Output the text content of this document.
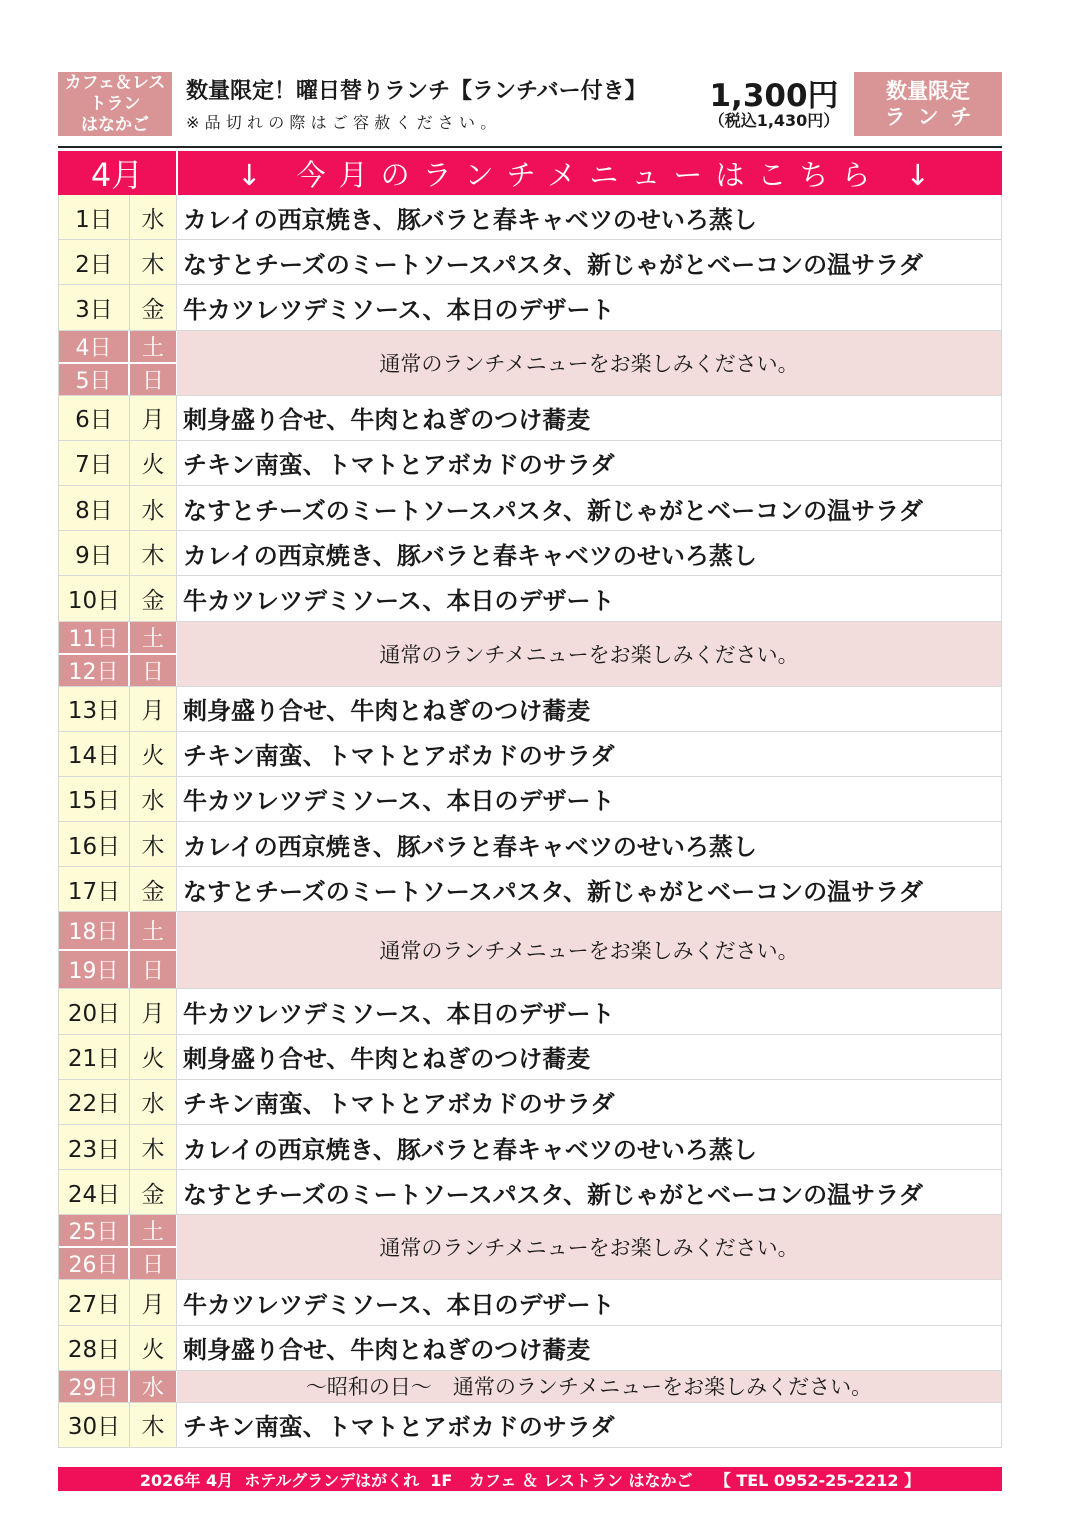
カフェ＆レストラン
はなかご
数量限定！曜日替りランチ【ランチバー付き】
※品切れの際はご容赦ください。
1,300円
（税込1,430円）
数量限定
ランチ
4月	↓ 今月のランチメニューはこちら ↓
1日	水 カレイの西京焼き、豚バラと春キャベツのせいろ蒸し
2日	木 なすとチーズのミートソースパスタ、新じゃがとベーコンの温サラダ
3日	金 牛カツレツデミソース、本日のデザート
4日	土
5日	日
通常のランチメニューをお楽しみください。
6日	月 刺身盛り合せ、牛肉とねぎのつけ蕎麦
7日	火 チキン南蛮、トマトとアボカドのサラダ
8日	水 なすとチーズのミートソースパスタ、新じゃがとベーコンの温サラダ
9日	木 カレイの西京焼き、豚バラと春キャベツのせいろ蒸し
10日 金 牛カツレツデミソース、本日のデザート
11日	土
12日	日
通常のランチメニューをお楽しみください。
13日 月 刺身盛り合せ、牛肉とねぎのつけ蕎麦
14日 火 チキン南蛮、トマトとアボカドのサラダ
15日 水 牛カツレツデミソース、本日のデザート
16日 木 カレイの西京焼き、豚バラと春キャベツのせいろ蒸し
17日 金 なすとチーズのミートソースパスタ、新じゃがとベーコンの温サラダ
18日	土
19日	日
通常のランチメニューをお楽しみください。
20日 月 牛カツレツデミソース、本日のデザート
21日 火 刺身盛り合せ、牛肉とねぎのつけ蕎麦
22日 水 チキン南蛮、トマトとアボカドのサラダ
23日 木 カレイの西京焼き、豚バラと春キャベツのせいろ蒸し
24日 金 なすとチーズのミートソースパスタ、新じゃがとベーコンの温サラダ
25日	土
26日	日
通常のランチメニューをお楽しみください。
27日 月 牛カツレツデミソース、本日のデザート
28日 火 刺身盛り合せ、牛肉とねぎのつけ蕎麦
29日	水	～昭和の日～　通常のランチメニューをお楽しみください。
30日 木 チキン南蛮、トマトとアボカドのサラダ
2026年 4月  ホテルグランデはがくれ  1F   カフェ ＆ レストラン はなかご    【 TEL 0952-25-2212 】
